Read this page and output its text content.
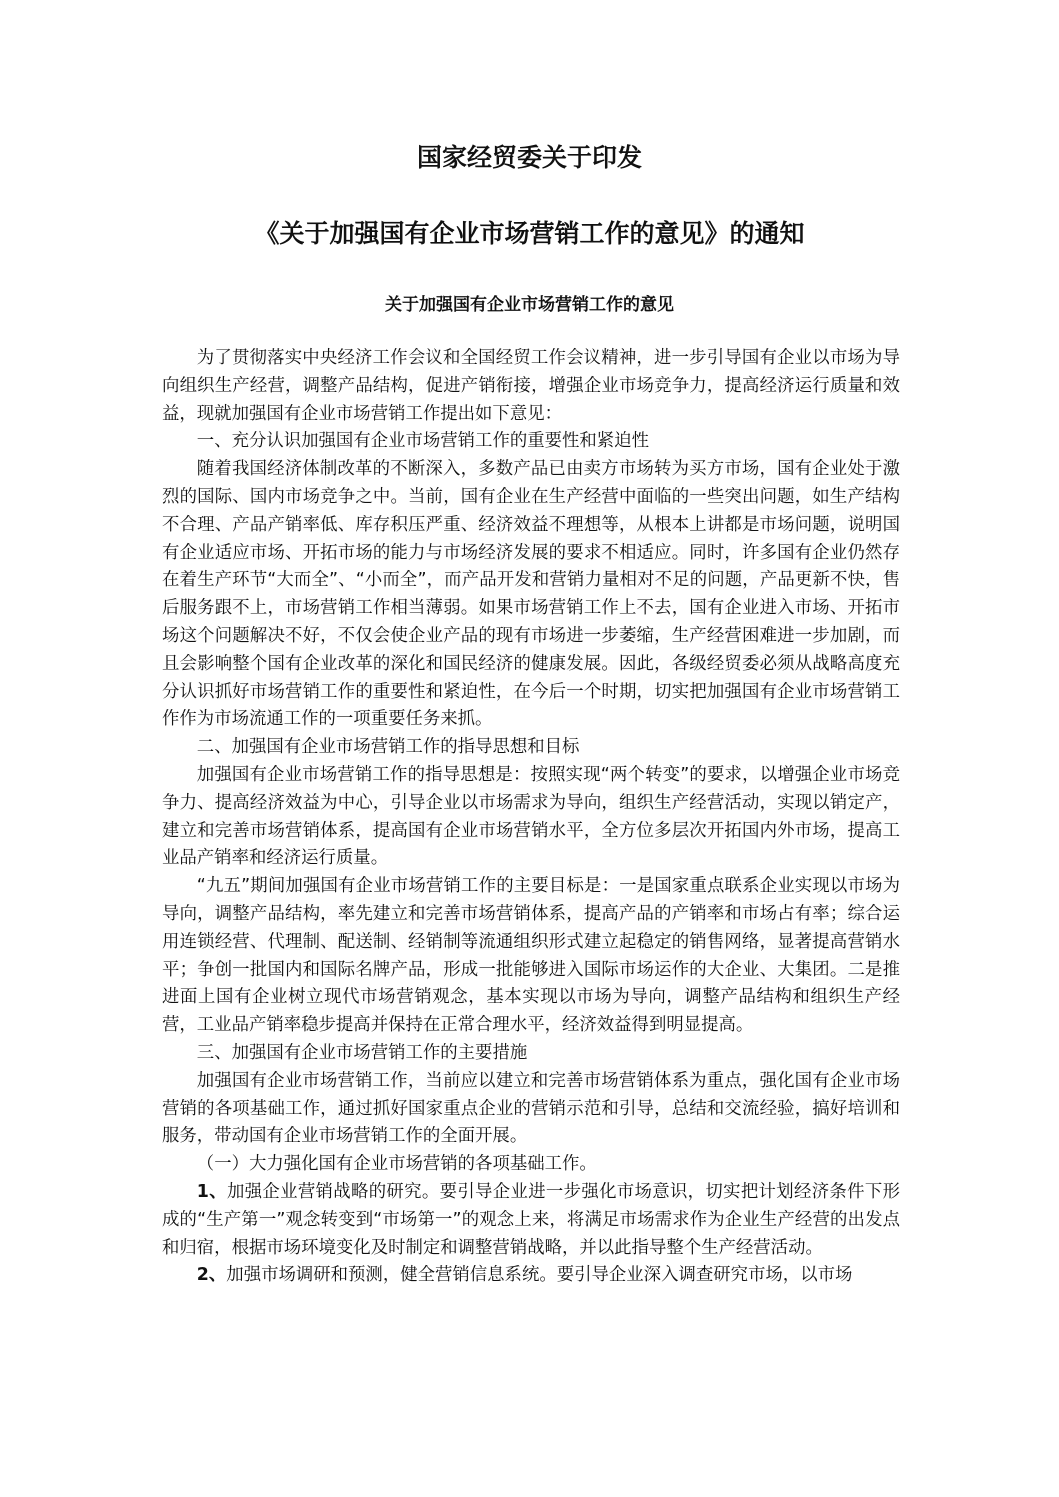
国家经贸委关于印发
《关于加强国有企业市场营销工作的意见》的通知
关于加强国有企业市场营销工作的意见

为了贯彻落实中央经济工作会议和全国经贸工作会议精神，进一步引导国有企业以市场为导向组织生产经营，调整产品结构，促进产销衔接，增强企业市场竞争力，提高经济运行质量和效益，现就加强国有企业市场营销工作提出如下意见：

一、充分认识加强国有企业市场营销工作的重要性和紧迫性

随着我国经济体制改革的不断深入，多数产品已由卖方市场转为买方市场，国有企业处于激烈的国际、国内市场竞争之中。当前，国有企业在生产经营中面临的一些突出问题，如生产结构不合理、产品产销率低、库存积压严重、经济效益不理想等，从根本上讲都是市场问题，说明国有企业适应市场、开拓市场的能力与市场经济发展的要求不相适应。同时，许多国有企业仍然存在着生产环节“大而全”、“小而全”，而产品开发和营销力量相对不足的问题，产品更新不快，售后服务跟不上，市场营销工作相当薄弱。如果市场营销工作上不去，国有企业进入市场、开拓市场这个问题解决不好，不仅会使企业产品的现有市场进一步萎缩，生产经营困难进一步加剧，而且会影响整个国有企业改革的深化和国民经济的健康发展。因此，各级经贸委必须从战略高度充分认识抓好市场营销工作的重要性和紧迫性，在今后一个时期，切实把加强国有企业市场营销工作作为市场流通工作的一项重要任务来抓。

二、加强国有企业市场营销工作的指导思想和目标

加强国有企业市场营销工作的指导思想是：按照实现“两个转变”的要求，以增强企业市场竞争力、提高经济效益为中心，引导企业以市场需求为导向，组织生产经营活动，实现以销定产，建立和完善市场营销体系，提高国有企业市场营销水平，全方位多层次开拓国内外市场，提高工业品产销率和经济运行质量。

“九五”期间加强国有企业市场营销工作的主要目标是：一是国家重点联系企业实现以市场为导向，调整产品结构，率先建立和完善市场营销体系，提高产品的产销率和市场占有率；综合运用连锁经营、代理制、配送制、经销制等流通组织形式建立起稳定的销售网络，显著提高营销水平；争创一批国内和国际名牌产品，形成一批能够进入国际市场运作的大企业、大集团。二是推进面上国有企业树立现代市场营销观念，基本实现以市场为导向，调整产品结构和组织生产经营，工业品产销率稳步提高并保持在正常合理水平，经济效益得到明显提高。

三、加强国有企业市场营销工作的主要措施

加强国有企业市场营销工作，当前应以建立和完善市场营销体系为重点，强化国有企业市场营销的各项基础工作，通过抓好国家重点企业的营销示范和引导，总结和交流经验，搞好培训和服务，带动国有企业市场营销工作的全面开展。

（一）大力强化国有企业市场营销的各项基础工作。

1、加强企业营销战略的研究。要引导企业进一步强化市场意识，切实把计划经济条件下形成的“生产第一”观念转变到“市场第一”的观念上来，将满足市场需求作为企业生产经营的出发点和归宿，根据市场环境变化及时制定和调整营销战略，并以此指导整个生产经营活动。

2、加强市场调研和预测，健全营销信息系统。要引导企业深入调查研究市场，以市场
